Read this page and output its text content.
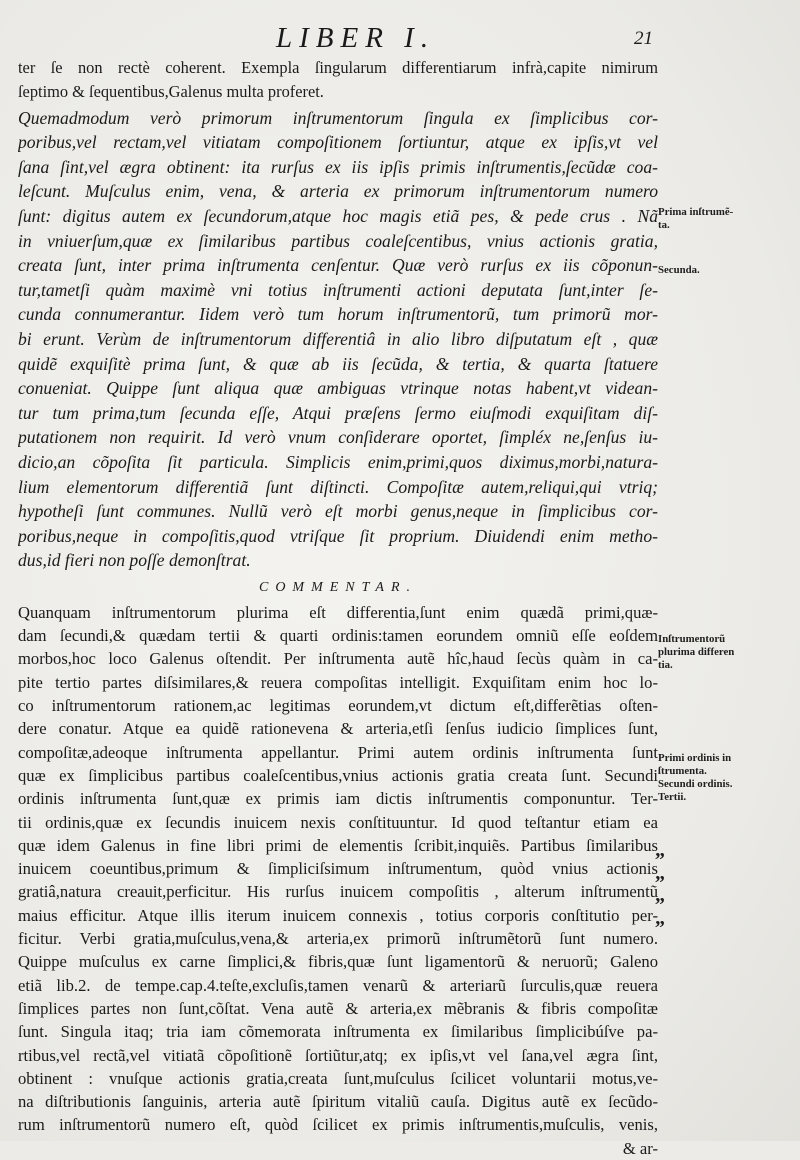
LIBER I.	21

ter ſe non rectè coherent. Exempla ſingularum differentiarum infrà,capite nimirum
ſeptimo & ſequentibus,Galenus multa proferet.
Quemadmodum verò primorum inſtrumentorum ſingula ex ſimplicibus cor-
poribus,vel rectam,vel vitiatam compoſitionem ſortiuntur, atque ex ipſis,vt vel
ſana ſint,vel ægra obtinent: ita rurſus ex iis ipſis primis inſtrumentis,ſecũdæ coa-
leſcunt. Muſculus enim, vena, & arteria ex primorum inſtrumentorum numero
ſunt: digitus autem ex ſecundorum,atque hoc magis etiã pes, & pede crus . Nã
in vniuerſum,quæ ex ſimilaribus partibus coaleſcentibus, vnius actionis gratia,
creata ſunt, inter prima inſtrumenta cenſentur. Quæ verò rurſus ex iis cõponun-
tur,tametſi quàm maximè vni totius inſtrumenti actioni deputata ſunt,inter ſe-
cunda connumerantur. Iidem verò tum horum inſtrumentorũ, tum primorũ mor-
bi erunt. Verùm de inſtrumentorum differentiâ in alio libro diſputatum eſt , quæ
quidẽ exquiſitè prima ſunt, & quæ ab iis ſecũda, & tertia, & quarta ſtatuere
conueniat. Quippe ſunt aliqua quæ ambiguas vtrinque notas habent,vt videan-
tur tum prima,tum ſecunda eſſe, Atqui præſens ſermo eiuſmodi exquiſitam diſ-
putationem non requirit. Id verò vnum conſiderare oportet, ſimpléx ne,ſenſus iu-
dicio,an cõpoſita ſit particula. Simplicis enim,primi,quos diximus,morbi,natura-
lium elementorum differentiã ſunt diſtincti. Compoſitæ autem,reliqui,qui vtriq;
hypotheſi ſunt communes. Nullũ verò eſt morbi genus,neque in ſimplicibus cor-
poribus,neque in compoſitis,quod vtriſque ſit proprium. Diuidendi enim metho-
dus,id fieri non poſſe demonſtrat.
COMMENTAR.
Quanquam inſtrumentorum plurima eſt differentia,ſunt enim quædã primi,quæ-
dam ſecundi,& quædam tertii & quarti ordinis:tamen eorundem omniũ eſſe eoſdem
morbos,hoc loco Galenus oſtendit. Per inſtrumenta autẽ hîc,haud ſecùs quàm in ca-
pite tertio partes diſsimilares,& reuera compoſitas intelligit. Exquiſitam enim hoc lo-
co inſtrumentorum rationem,ac legitimas eorundem,vt dictum eſt,differẽtias oſten-
dere conatur. Atque ea quidẽ rationevena & arteria,etſi ſenſus iudicio ſimplices ſunt,
compoſitæ,adeoque inſtrumenta appellantur. Primi autem ordinis inſtrumenta ſunt
quæ ex ſimplicibus partibus coaleſcentibus,vnius actionis gratia creata ſunt. Secundi
ordinis inſtrumenta ſunt,quæ ex primis iam dictis inſtrumentis componuntur. Ter-
tii ordinis,quæ ex ſecundis inuicem nexis conſtituuntur. Id quod teſtantur etiam ea
quæ idem Galenus in fine libri primi de elementis ſcribit,inquiẽs. Partibus ſimilaribus
inuicem coeuntibus,primum & ſimpliciſsimum inſtrumentum, quòd vnius actionis
gratiâ,natura creauit,perficitur. His rurſus inuicem compoſitis , alterum inſtrumentũ
maius efficitur. Atque illis iterum inuicem connexis , totius corporis conſtitutio per-
ficitur. Verbi gratia,muſculus,vena,& arteria,ex primorũ inſtrumẽtorũ ſunt numero.
Quippe muſculus ex carne ſimplici,& fibris,quæ ſunt ligamentorũ & neruorũ; Galeno
etiã lib.2. de tempe.cap.4.teſte,excluſis,tamen venarũ & arteriarũ ſurculis,quæ reuera
ſimplices partes non ſunt,cõſtat. Vena autẽ & arteria,ex mẽbranis & fibris compoſitæ
ſunt. Singula itaq; tria iam cõmemorata inſtrumenta ex ſimilaribus ſimplicibúſve pa-
rtibus,vel rectã,vel vitiatã cõpoſitionẽ ſortiũtur,atq; ex ipſis,vt vel ſana,vel ægra ſint,
obtinent : vnuſque actionis gratia,creata ſunt,muſculus ſcilicet voluntarii motus,ve-
na diſtributionis ſanguinis, arteria autẽ ſpiritum vitaliũ cauſa. Digitus autẽ ex ſecũdo-
rum inſtrumentorũ numero eſt, quòd ſcilicet ex primis inſtrumentis,muſculis, venis,
& ar-
Prima inſtrumẽ-
ta.
Secunda.
Inſtrumentorũ
plurima differen
tia.
Primi ordinis in
ſtrumenta.
Secundi ordinis.
Tertii.
„
„
„
„
